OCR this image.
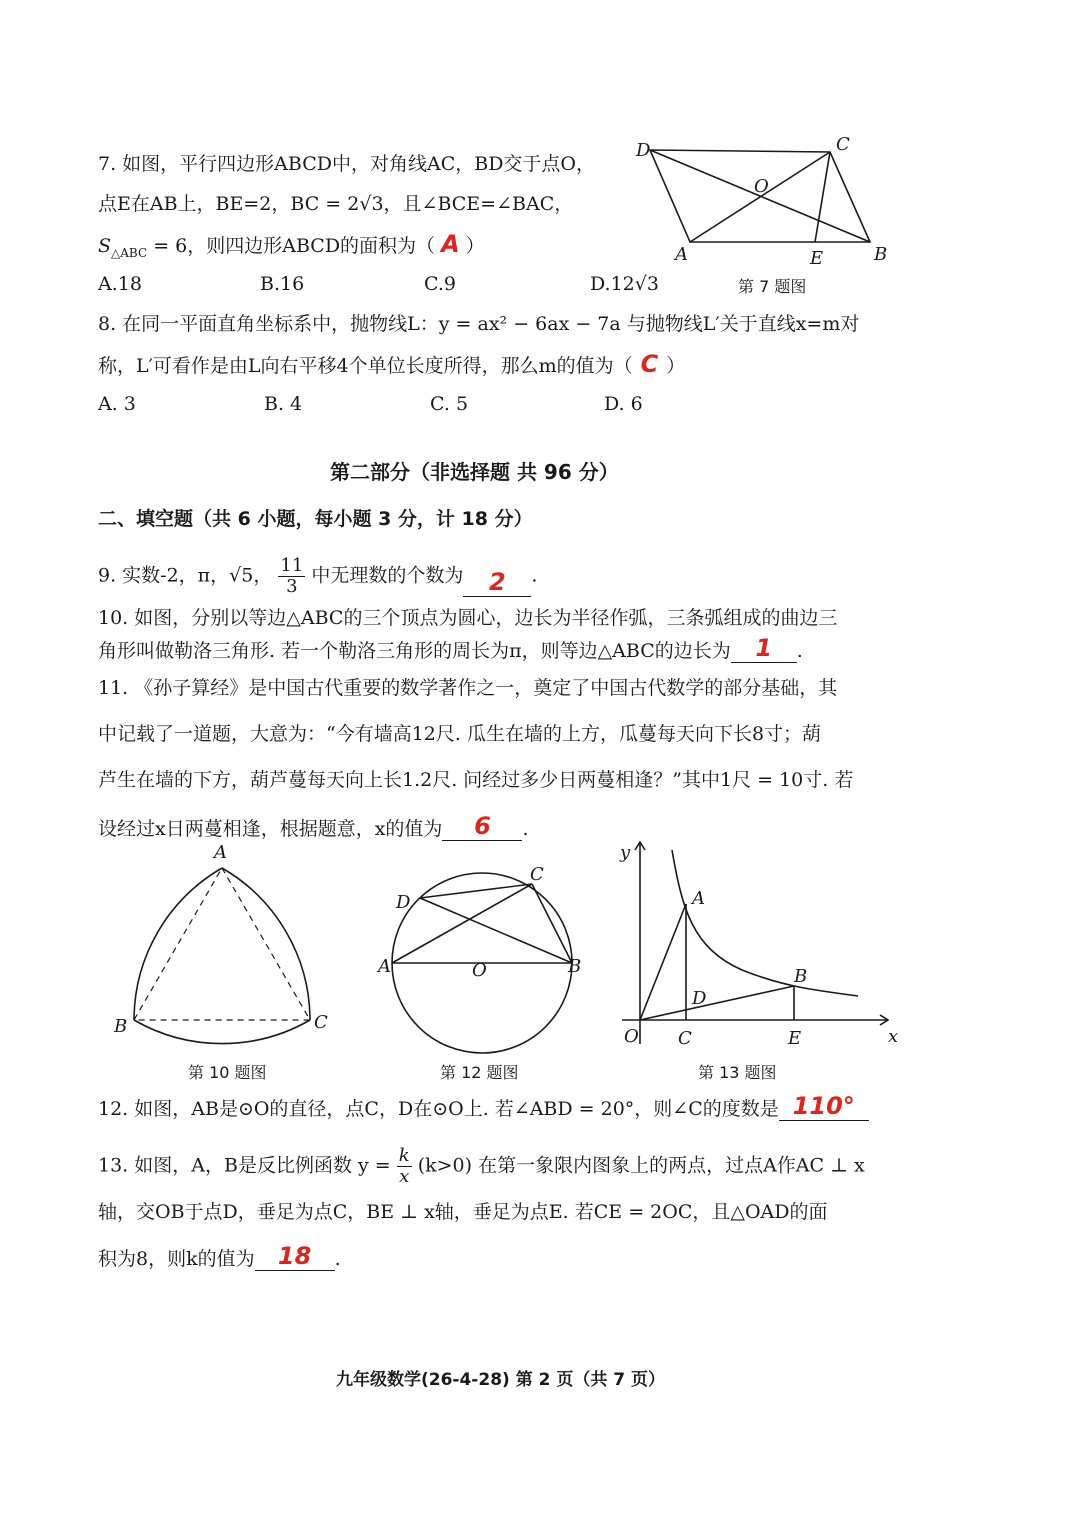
7. 如图，平行四边形ABCD中，对角线AC，BD交于点O，
点E在AB上，BE=2，BC = 2√3，且∠BCE=∠BAC，
$S_{\triangle ABC} = 6$，则四边形ABCD的面积为（ A ）
A.18	B.16	C.9	D.12√3
D	C
O
A	E	B
第 7 题图
8. 在同一平面直角坐标系中，抛物线L：y = ax² − 6ax − 7a 与抛物线L′关于直线x=m对
称，L′可看作是由L向右平移4个单位长度所得，那么m的值为（ C ）
A. 3	B. 4	C. 5	D. 6
第二部分（非选择题 共 96 分）
二、填空题（共 6 小题，每小题 3 分，计 18 分）
9. 实数-2，π，√5， $\frac{11}{3}$ 中无理数的个数为 2 .
10. 如图，分别以等边△ABC的三个顶点为圆心，边长为半径作弧，三条弧组成的曲边三
角形叫做勒洛三角形. 若一个勒洛三角形的周长为π，则等边△ABC的边长为 1 .
11. 《孙子算经》是中国古代重要的数学著作之一，奠定了中国古代数学的部分基础，其
中记载了一道题，大意为：“今有墙高12尺. 瓜生在墙的上方，瓜蔓每天向下长8寸；葫
芦生在墙的下方，葫芦蔓每天向上长1.2尺. 问经过多少日两蔓相逢？”其中1尺 = 10寸. 若
设经过x日两蔓相逢，根据题意，x的值为 6 .
A
B	C
第 10 题图
C
D
A	O	B
第 12 题图
y
A
B
D
O C	E	x
第 13 题图
12. 如图，AB是⊙O的直径，点C，D在⊙O上. 若∠ABD = 20°，则∠C的度数是 110°
13. 如图，A，B是反比例函数 $y = \frac{k}{x} (k>0)$ 在第一象限内图象上的两点，过点A作AC ⊥ x
轴，交OB于点D，垂足为点C，BE ⊥ x轴，垂足为点E. 若CE = 2OC，且△OAD的面
积为8，则k的值为 18 .
九年级数学(26-4-28) 第 2 页（共 7 页）
